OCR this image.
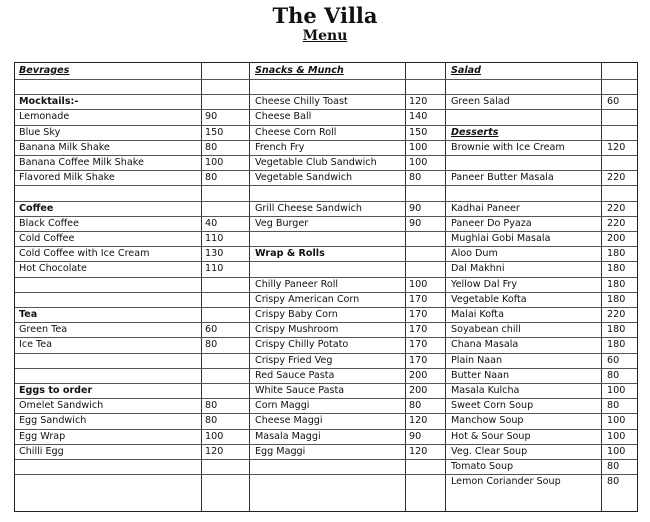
The Villa
Menu
Bevrages
Mocktails:-
Lemonade	90
Blue Sky	150
Banana Milk Shake	80
Banana Coffee Milk Shake	100
Flavored Milk Shake	80
Coffee
Black Coffee	40
Cold Coffee	110
Cold Coffee with Ice Cream	130
Hot Chocolate	110
Tea
Green Tea	60
Ice Tea	80
Eggs to order
Omelet Sandwich	80
Egg Sandwich	80
Egg Wrap	100
Chilli Egg	120
Snacks & Munch
Cheese Chilly Toast	120
Cheese Ball	140
Cheese Corn Roll	150
French Fry	100
Vegetable Club Sandwich	100
Vegetable Sandwich	80
Grill Cheese Sandwich	90
Veg Burger	90
Wrap & Rolls
Chilly Paneer Roll	100
Crispy American Corn	170
Crispy Baby Corn	170
Crispy Mushroom	170
Crispy Chilly Potato	170
Crispy Fried Veg	170
Red Sauce Pasta	200
White Sauce Pasta	200
Corn Maggi	80
Cheese Maggi	120
Masala Maggi	90
Egg Maggi	120
Salad
Green Salad	60
Desserts
Brownie with Ice Cream	120
Paneer Butter Masala	220
Kadhai Paneer	220
Paneer Do Pyaza	220
Mughlai Gobi Masala	200
Aloo Dum	180
Dal Makhni	180
Yellow Dal Fry	180
Vegetable Kofta	180
Malai Kofta	220
Soyabean chill	180
Chana Masala	180
Plain Naan	60
Butter Naan	80
Masala Kulcha	100
Sweet Corn Soup	80
Manchow Soup	100
Hot & Sour Soup	100
Veg. Clear Soup	100
Tomato Soup	80
Lemon Coriander Soup	80
